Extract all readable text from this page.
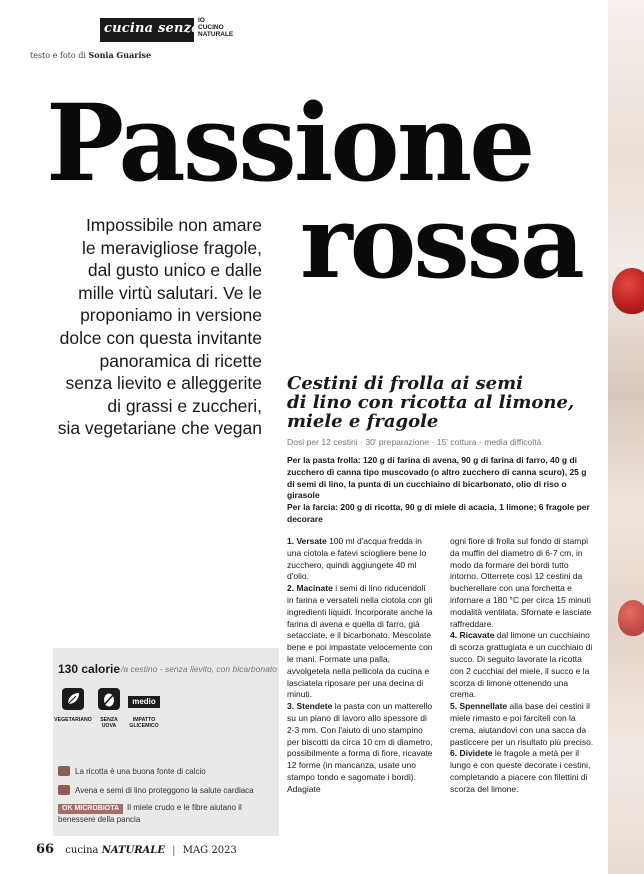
cucina senza
IO
CUCINO
NATURALE
testo e foto di Sonia Guarise
Passione
rossa
Impossibile non amare
le meravigliose fragole,
dal gusto unico e dalle
mille virtù salutari. Ve le
proponiamo in versione
dolce con questa invitante
panoramica di ricette
senza lievito e alleggerite
di grassi e zuccheri,
sia vegetariane che vegan
Cestini di frolla ai semi
di lino con ricotta al limone,
miele e fragole
Dosi per 12 cestini · 30' preparazione · 15' cottura · media difficoltà

Per la pasta frolla: 120 g di farina di avena, 90 g di farina di farro, 40 g di zucchero di canna tipo muscovado (o altro zucchero di canna scuro), 25 g di semi di lino, la punta di un cucchiaino di bicarbonato, olio di riso o girasole

Per la farcia: 200 g di ricotta, 90 g di miele di acacia, 1 limone; 6 fragole per decorare

1. Versate 100 ml d'acqua fredda in una ciotola e fatevi sciogliere bene lo zucchero, quindi aggiungete 40 ml d'olio.

2. Macinate i semi di lino riducendoli in farina e versateli nella ciotola con gli ingredienti liquidi. Incorporate anche la farina di avena e quella di farro, già setacciate, e il bicarbonato. Mescolate bene e poi impastate velocemente con le mani. Formate una palla, avvolgetela nella pellicola da cucina e lasciatela riposare per una decina di minuti.

3. Stendete la pasta con un matterello su un piano di lavoro allo spessore di 2-3 mm. Con l'aiuto di uno stampino per biscotti da circa 10 cm di diametro, possibilmente a forma di fiore, ricavate 12 forme (in mancanza, usate uno stampo tondo e sagomate i bordi). Adagiate

ogni fiore di frolla sul fondo di stampi da muffin del diametro di 6-7 cm, in modo da formare dei bordi tutto intorno. Otterrete così 12 cestini da bucherellare con una forchetta e infornare a 180 °C per circa 15 minuti modalità ventilata. Sfornate e lasciate raffreddare.

4. Ricavate dal limone un cucchiaino di scorza grattugiata e un cucchiaio di succo. Di seguito lavorate la ricotta con 2 cucchiai del miele, il succo e la scorza di limone ottenendo una crema.

5. Spennellate alla base dei cestini il miele rimasto e poi farciteli con la crema, aiutandovi con una sacca da pasticcere per un risultato più preciso.

6. Dividete le fragole a metà per il lungo e con queste decorate i cestini, completando a piacere con filettini di scorza del limone.

130 calorie /a cestino - senza lievito, con bicarbonato
VEGETARIANO	SENZA
UOVA
medio
IMPATTO
GLICEMICO
La ricotta è una buona fonte di calcio
Avena e semi di lino proteggono la salute cardiaca
OK MICROBIOTA Il miele crudo e le fibre aiutano il benessere della pancia
66 cucina NATURALE | MAG 2023
